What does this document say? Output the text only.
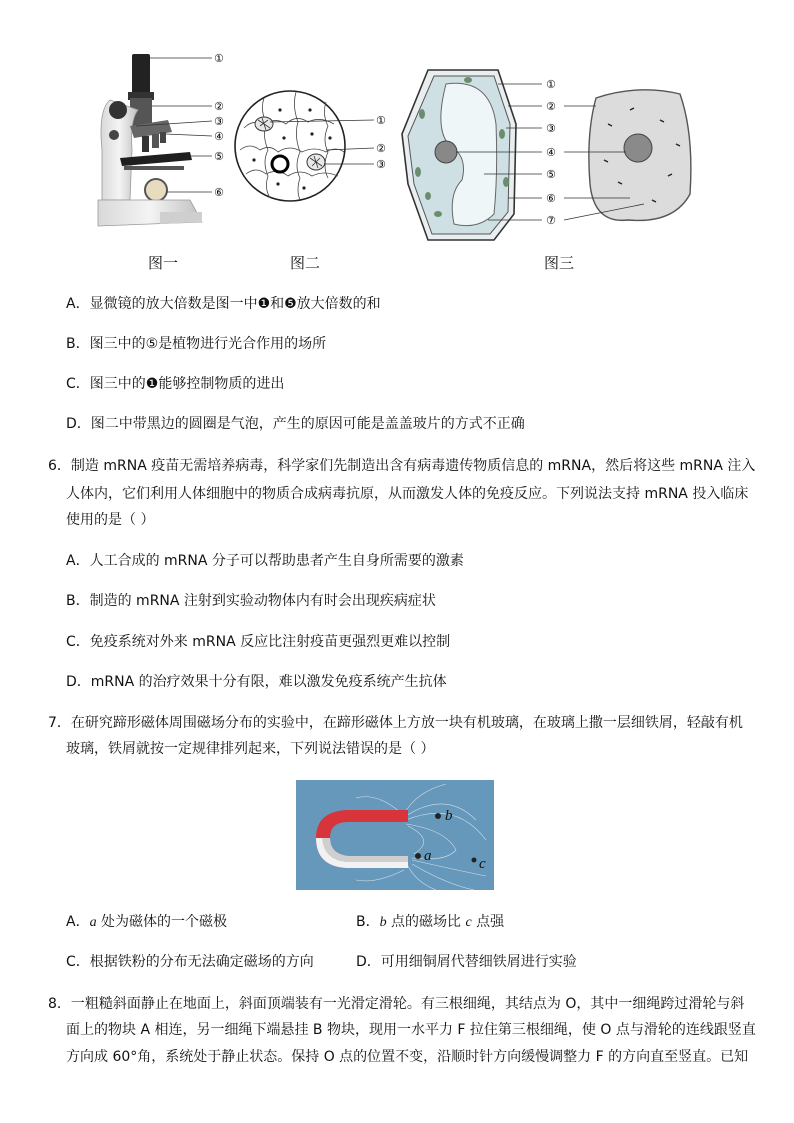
①
②
③
④
⑤
⑥
图一
①
②
③
图二
①
②
③
④
⑤
⑥
⑦
图三
A．显微镜的放大倍数是图一中❶和❺放大倍数的和
B．图三中的⑤是植物进行光合作用的场所
C．图三中的❶能够控制物质的进出
D．图二中带黑边的圆圈是气泡，产生的原因可能是盖盖玻片的方式不正确
6．制造 mRNA 疫苗无需培养病毒，科学家们先制造出含有病毒遗传物质信息的 mRNA，然后将这些 mRNA 注入
人体内，它们利用人体细胞中的物质合成病毒抗原，从而激发人体的免疫反应。下列说法支持 mRNA 投入临床
使用的是（ ）
A．人工合成的 mRNA 分子可以帮助患者产生自身所需要的激素
B．制造的 mRNA 注射到实验动物体内有时会出现疾病症状
C．免疫系统对外来 mRNA 反应比注射疫苗更强烈更难以控制
D．mRNA 的治疗效果十分有限，难以激发免疫系统产生抗体
7．在研究蹄形磁体周围磁场分布的实验中，在蹄形磁体上方放一块有机玻璃，在玻璃上撒一层细铁屑，轻敲有机
玻璃，铁屑就按一定规律排列起来，下列说法错误的是（ ）
b
a	c
A．a 处为磁体的一个磁极	B．b 点的磁场比 c 点强
C．根据铁粉的分布无法确定磁场的方向	D．可用细铜屑代替细铁屑进行实验
8．一粗糙斜面静止在地面上，斜面顶端装有一光滑定滑轮。有三根细绳，其结点为 O，其中一细绳跨过滑轮与斜
面上的物块 A 相连，另一细绳下端悬挂 B 物块，现用一水平力 F 拉住第三根细绳，使 O 点与滑轮的连线跟竖直
方向成 60°角，系统处于静止状态。保持 O 点的位置不变，沿顺时针方向缓慢调整力 F 的方向直至竖直。已知
